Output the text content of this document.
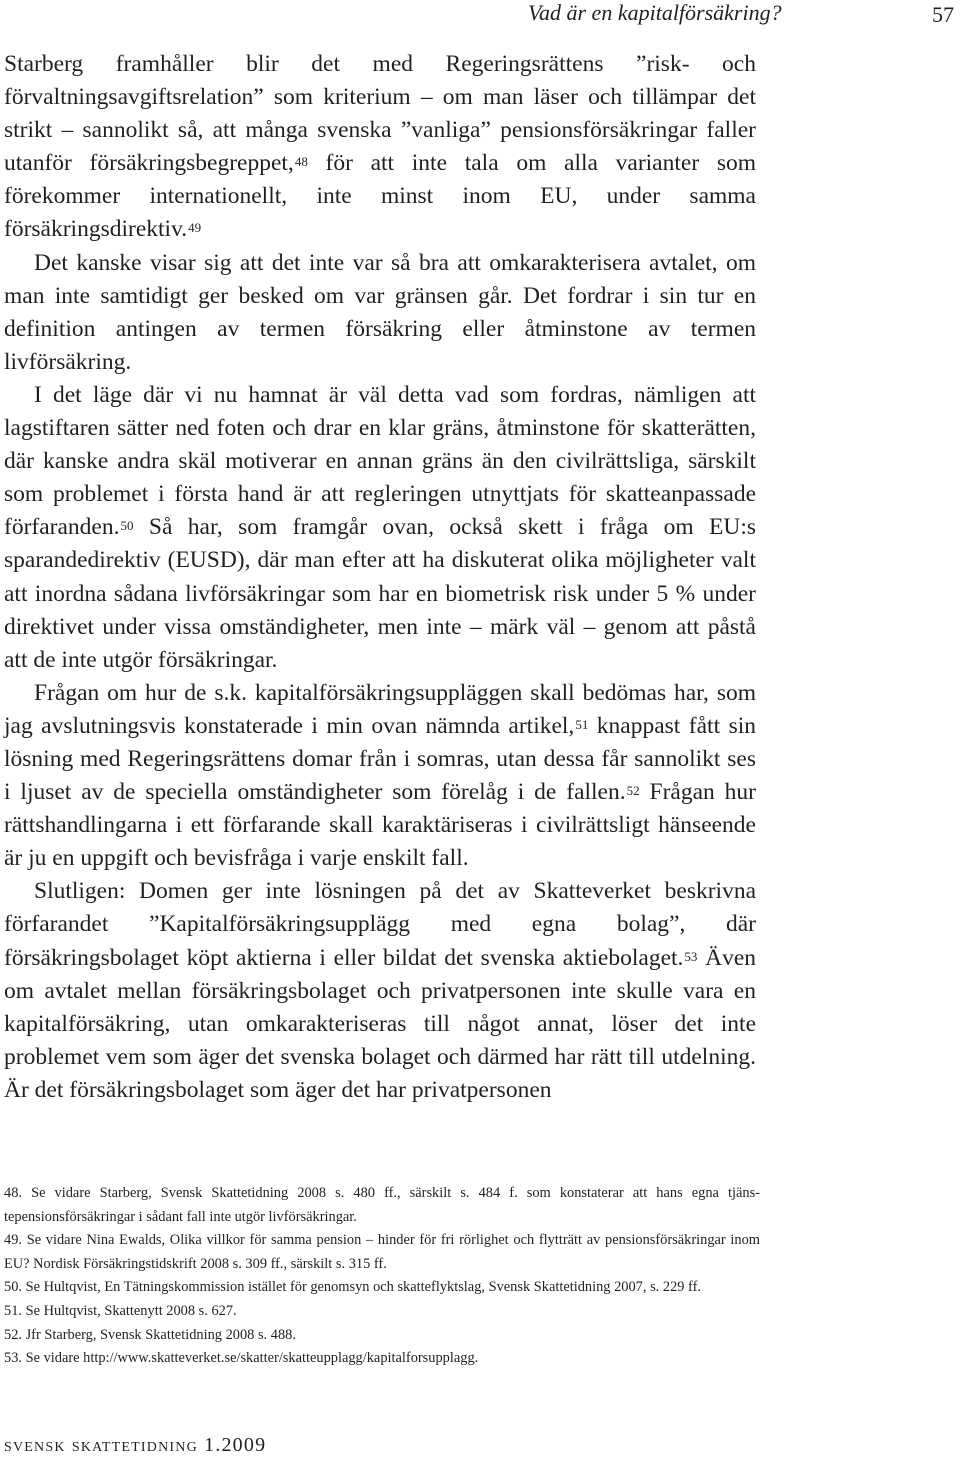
Vad är en kapitalförsäkring?	57

Starberg framhåller blir det med Regeringsrättens ”risk- och förvaltningsavgiftsrelation” som kriterium – om man läser och tillämpar det strikt – sannolikt så, att många svenska ”vanliga” pensionsförsäkringar faller utanför försäkringsbegreppet,$^{48}$ för att inte tala om alla varianter som förekommer internationellt, inte minst inom EU, under samma försäkringsdirektiv.$^{49}$

Det kanske visar sig att det inte var så bra att omkarakterisera avtalet, om man inte samtidigt ger besked om var gränsen går. Det fordrar i sin tur en definition antingen av termen försäkring eller åtminstone av termen livförsäkring.

I det läge där vi nu hamnat är väl detta vad som fordras, nämligen att lagstiftaren sätter ned foten och drar en klar gräns, åtminstone för skatterätten, där kanske andra skäl motiverar en annan gräns än den civilrättsliga, särskilt som problemet i första hand är att regleringen utnyttjats för skatteanpassade förfaranden.$^{50}$ Så har, som framgår ovan, också skett i fråga om EU:s sparandedirektiv (EUSD), där man efter att ha diskuterat olika möjligheter valt att inordna sådana livförsäkringar som har en biometrisk risk under 5 % under direktivet under vissa omständigheter, men inte – märk väl – genom att påstå att de inte utgör försäkringar.

Frågan om hur de s.k. kapitalförsäkringsuppläggen skall bedömas har, som jag avslutningsvis konstaterade i min ovan nämnda artikel,$^{51}$ knappast fått sin lösning med Regeringsrättens domar från i somras, utan dessa får sannolikt ses i ljuset av de speciella omständigheter som förelåg i de fallen.$^{52}$ Frågan hur rättshandlingarna i ett förfarande skall karaktäriseras i civilrättsligt hänseende är ju en uppgift och bevisfråga i varje enskilt fall.

Slutligen: Domen ger inte lösningen på det av Skatteverket beskrivna förfarandet ”Kapitalförsäkringsupplägg med egna bolag”, där försäkringsbolaget köpt aktierna i eller bildat det svenska aktiebolaget.$^{53}$ Även om avtalet mellan försäkringsbolaget och privatpersonen inte skulle vara en kapitalförsäkring, utan omkarakteriseras till något annat, löser det inte problemet vem som äger det svenska bolaget och därmed har rätt till utdelning. Är det försäkringsbolaget som äger det har privatpersonen

48. Se vidare Starberg, Svensk Skattetidning 2008 s. 480 ff., särskilt s. 484 f. som konstaterar att hans egna tjänstepensionsförsäkringar i sådant fall inte utgör livförsäkringar.

49. Se vidare Nina Ewalds, Olika villkor för samma pension – hinder för fri rörlighet och flytträtt av pensionsförsäkringar inom EU? Nordisk Försäkringstidskrift 2008 s. 309 ff., särskilt s. 315 ff.

50. Se Hultqvist, En Tätningskommission istället för genomsyn och skatteflyktslag, Svensk Skattetidning 2007, s. 229 ff.

51. Se Hultqvist, Skattenytt 2008 s. 627.

52. Jfr Starberg, Svensk Skattetidning 2008 s. 488.

53. Se vidare http://www.skatteverket.se/skatter/skatteupplagg/kapitalforsupplagg.

svensk skattetidning 1.2009
